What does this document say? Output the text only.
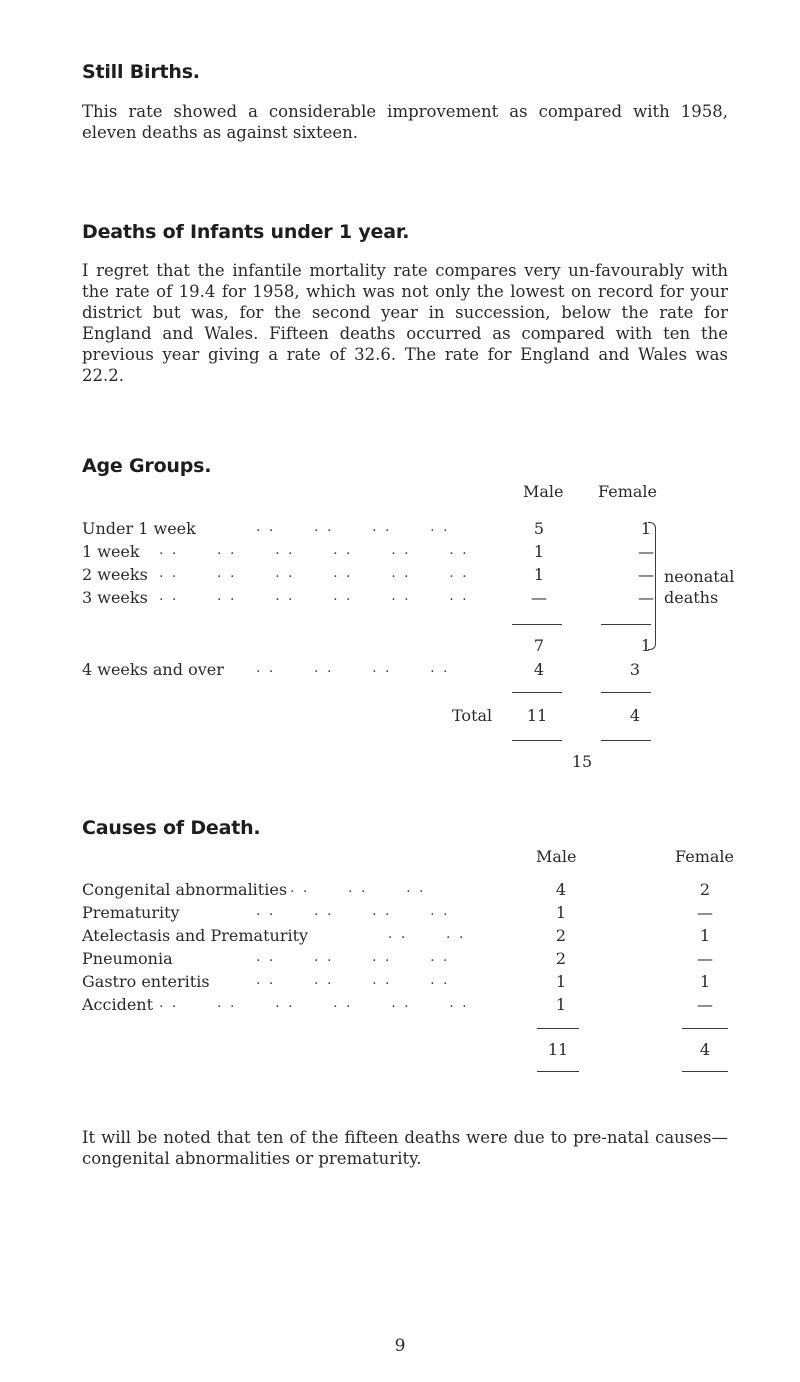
Still Births.

This rate showed a considerable improvement as compared with 1958, eleven deaths as against sixteen.

Deaths of Infants under 1 year.

I regret that the infantile mortality rate compares very un-favourably with the rate of 19.4 for 1958, which was not only the lowest on record for your district but was, for the second year in succession, below the rate for England and Wales. Fifteen deaths occurred as compared with ten the previous year giving a rate of 32.6. The rate for England and Wales was 22.2.

Age Groups.
Male Female
Under 1 week	. .      . .      . .      . .	5	1
1 week . .      . .      . .      . .      . .      . .	1	—
2 weeks . .      . .      . .      . .      . .      . .	1	—
3 weeks . .      . .      . .      . .      . .      . .	—	—
7	1
neonatal
deaths
4 weeks and over . .      . .      . .      . .	4	3
Total	11	4
15
Causes of Death.
Male	Female
Congenital abnormalities . .      . .      . .	4	2
Prematurity	. .      . .      . .      . .	1	—
Atelectasis and Prematurity	. .      . .	2	1
Pneumonia	. .      . .      . .      . .	2	—
Gastro enteritis	. .      . .      . .      . .	1	1
Accident . .      . .      . .      . .      . .      . .	1	—
11	4

It will be noted that ten of the fifteen deaths were due to pre-natal causes—congenital abnormalities or prematurity.

9
